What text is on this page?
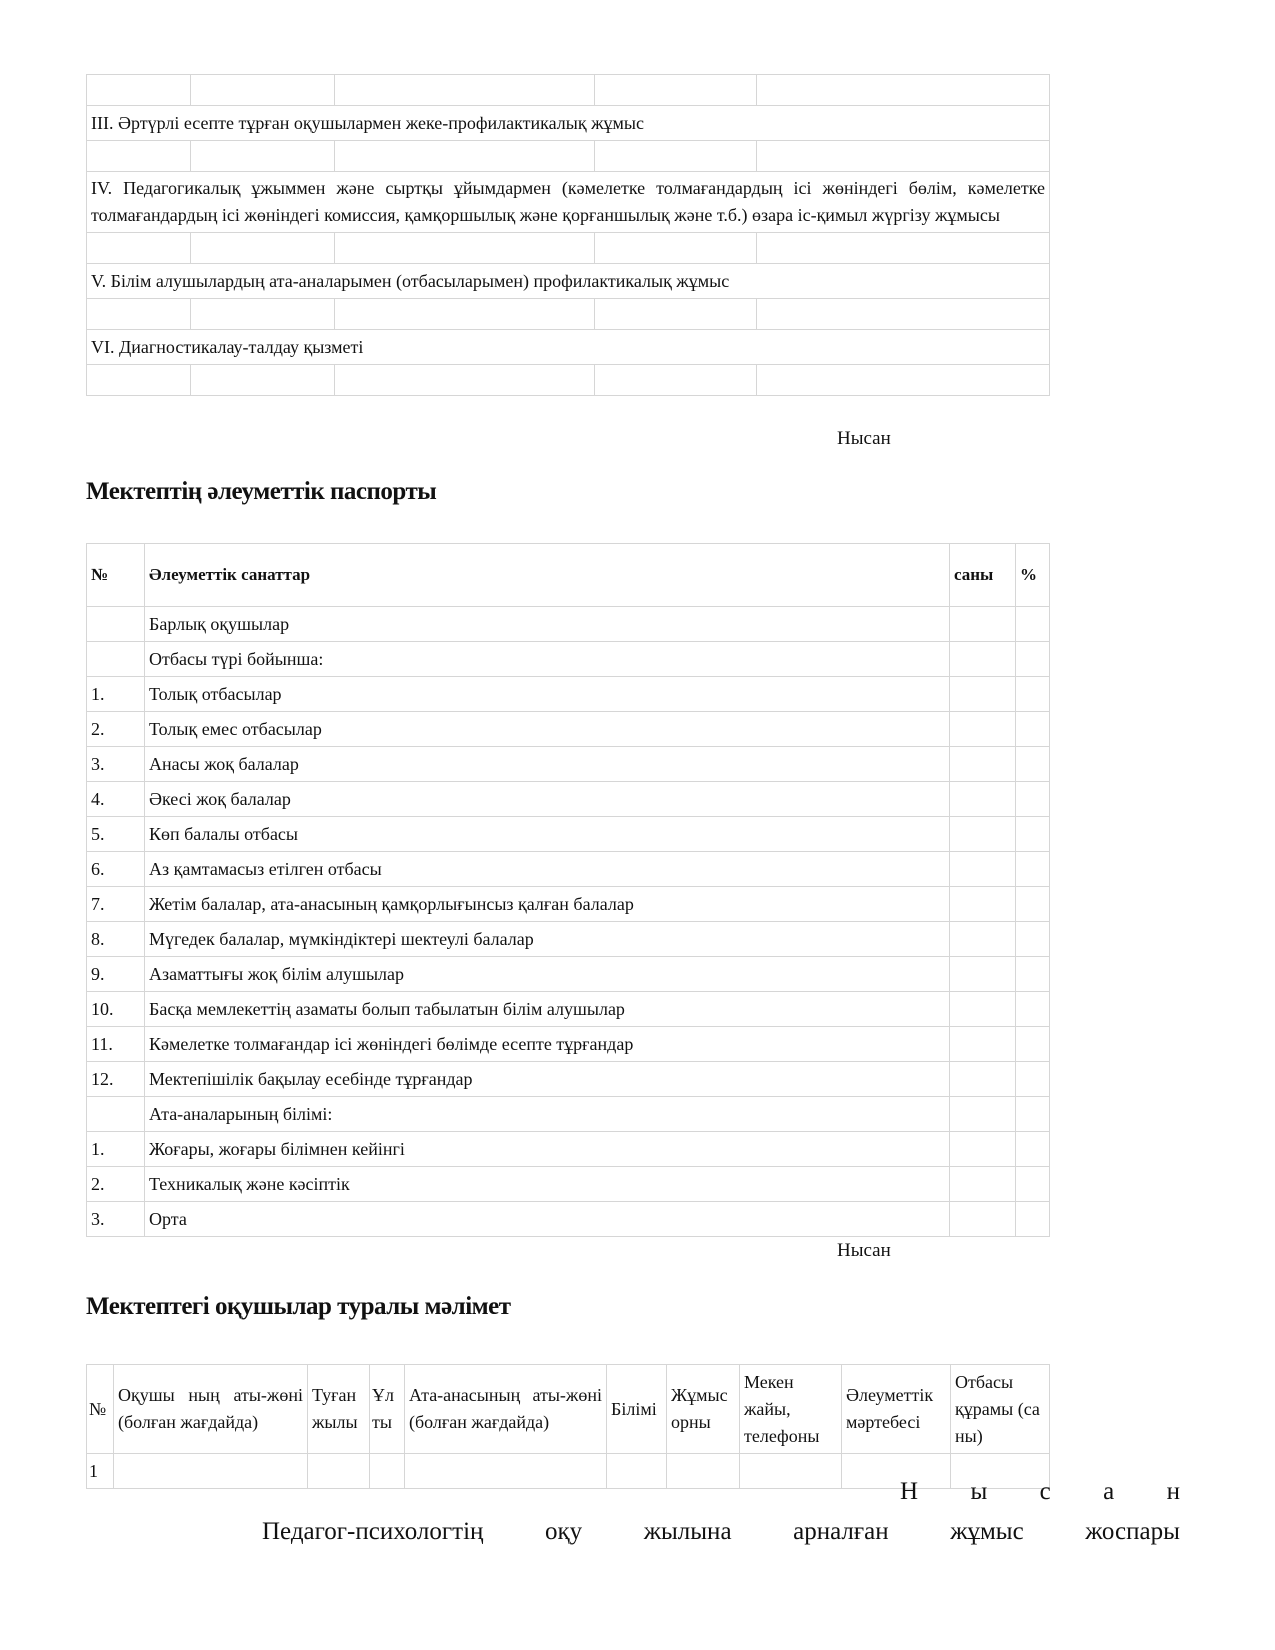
III. Әртүрлі есепте тұрған оқушылармен жеке-профилактикалық жұмыс				

IV. Педагогикалық ұжыммен және сыртқы ұйымдармен (кәмелетке толмағандардың ісі жөніндегі бөлім, кәмелетке толмағандардың ісі жөніндегі комиссия, қамқоршылық және қорғаншылық және т.б.) өзара іс-қимыл жүргізу жұмысы				

V. Білім алушылардың ата-аналарымен (отбасыларымен) профилактикалық жұмыс				

VI. Диагностикалау-талдау қызметі				

Нысан
Мектептің әлеуметтік паспорты
№	Әлеуметтік санаттар	саны	%
	Барлық оқушылар		
	Отбасы түрі бойынша:		
1.	Толық отбасылар		
2.	Толық емес отбасылар		
3.	Анасы жоқ балалар		
4.	Әкесі жоқ балалар		
5.	Көп балалы отбасы		
6.	Аз қамтамасыз етілген отбасы		
7.	Жетім балалар, ата-анасының қамқорлығынсыз қалған балалар		
8.	Мүгедек балалар, мүмкіндіктері шектеулі балалар		
9.	Азаматтығы жоқ білім алушылар		
10.	Басқа мемлекеттің азаматы болып табылатын білім алушылар		
11.	Кәмелетке толмағандар ісі жөніндегі бөлімде есепте тұрғандар		
12.	Мектепішілік бақылау есебінде тұрғандар		
	Ата-аналарының білімі:		
1.	Жоғары, жоғары білімнен кейінгі		
2.	Техникалық және кәсіптік		
3.	Орта		
Нысан
Мектептегі оқушылар туралы мәлімет
№	Оқушы ның аты-жөні (болған жағдайда)	Туған жылы	Ұл ты	Ата-анасының аты-жөні (болған жағдайда)	Білімі	Жұмыс орны	Мекен жайы, телефоны	Әлеуметтік мәртебесі	Отбасы құрамы (са ны)
1									
Н ы с а н
Педагог-психологтің оқу жылына арналған жұмыс жоспары
